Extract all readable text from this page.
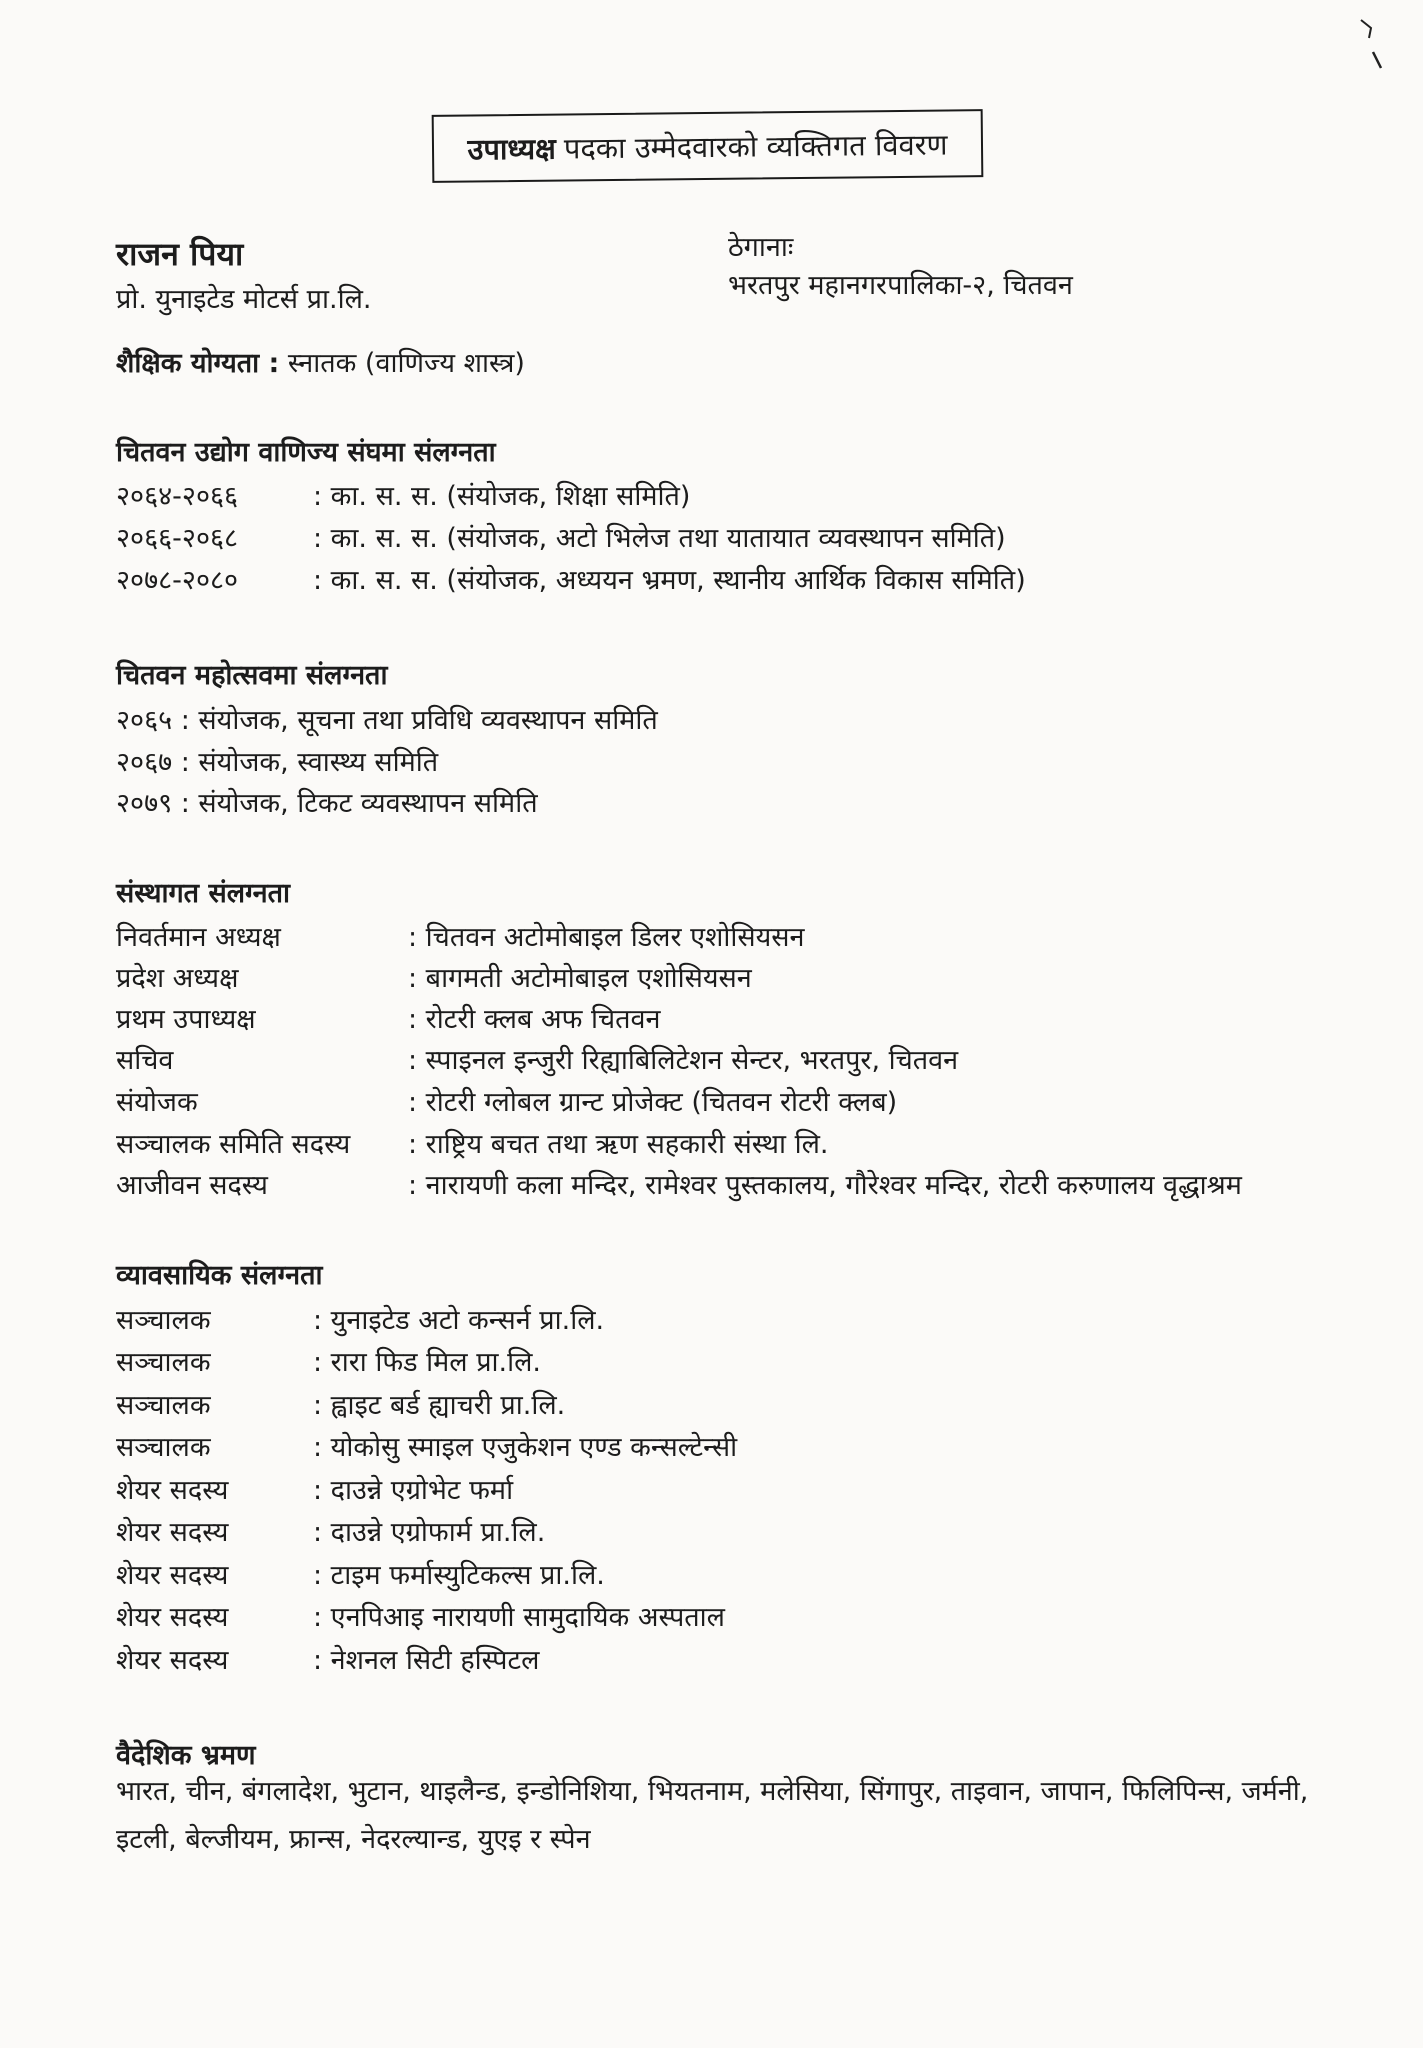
उपाध्यक्ष पदका उम्मेदवारको व्यक्तिगत विवरण
राजन पिया
प्रो. युनाइटेड मोटर्स प्रा.लि.
ठेगानाः
भरतपुर महानगरपालिका-२, चितवन
शैक्षिक योग्यता : स्नातक (वाणिज्य शास्त्र)
चितवन उद्योग वाणिज्य संघमा संलग्नता
२०६४-२०६६	: का. स. स. (संयोजक, शिक्षा समिति)
२०६६-२०६८	: का. स. स. (संयोजक, अटो भिलेज तथा यातायात व्यवस्थापन समिति)
२०७८-२०८०	: का. स. स. (संयोजक, अध्ययन भ्रमण, स्थानीय आर्थिक विकास समिति)
चितवन महोत्सवमा संलग्नता
२०६५ : संयोजक, सूचना तथा प्रविधि व्यवस्थापन समिति
२०६७ : संयोजक, स्वास्थ्य समिति
२०७९ : संयोजक, टिकट व्यवस्थापन समिति
संस्थागत संलग्नता
निवर्तमान अध्यक्ष	: चितवन अटोमोबाइल डिलर एशोसियसन
प्रदेश अध्यक्ष	: बागमती अटोमोबाइल एशोसियसन
प्रथम उपाध्यक्ष	: रोटरी क्लब अफ चितवन
सचिव	: स्पाइनल इन्जुरी रिह्याबिलिटेशन सेन्टर, भरतपुर, चितवन
संयोजक	: रोटरी ग्लोबल ग्रान्ट प्रोजेक्ट (चितवन रोटरी क्लब)
सञ्चालक समिति सदस्य	: राष्ट्रिय बचत तथा ऋण सहकारी संस्था लि.
आजीवन सदस्य	: नारायणी कला मन्दिर, रामेश्वर पुस्तकालय, गौरेश्वर मन्दिर, रोटरी करुणालय वृद्धाश्रम
व्यावसायिक संलग्नता
सञ्चालक	: युनाइटेड अटो कन्सर्न प्रा.लि.
सञ्चालक	: रारा फिड मिल प्रा.लि.
सञ्चालक	: ह्वाइट बर्ड ह्याचरी प्रा.लि.
सञ्चालक	: योकोसु स्माइल एजुकेशन एण्ड कन्सल्टेन्सी
शेयर सदस्य	: दाउन्ने एग्रोभेट फर्मा
शेयर सदस्य	: दाउन्ने एग्रोफार्म प्रा.लि.
शेयर सदस्य	: टाइम फर्मास्युटिकल्स प्रा.लि.
शेयर सदस्य	: एनपिआइ नारायणी सामुदायिक अस्पताल
शेयर सदस्य	: नेशनल सिटी हस्पिटल
वैदेशिक भ्रमण
भारत, चीन, बंगलादेश, भुटान, थाइलैन्ड, इन्डोनिशिया, भियतनाम, मलेसिया, सिंगापुर, ताइवान, जापान, फिलिपिन्स, जर्मनी, इटली, बेल्जीयम, फ्रान्स, नेदरल्यान्ड, युएइ र स्पेन
